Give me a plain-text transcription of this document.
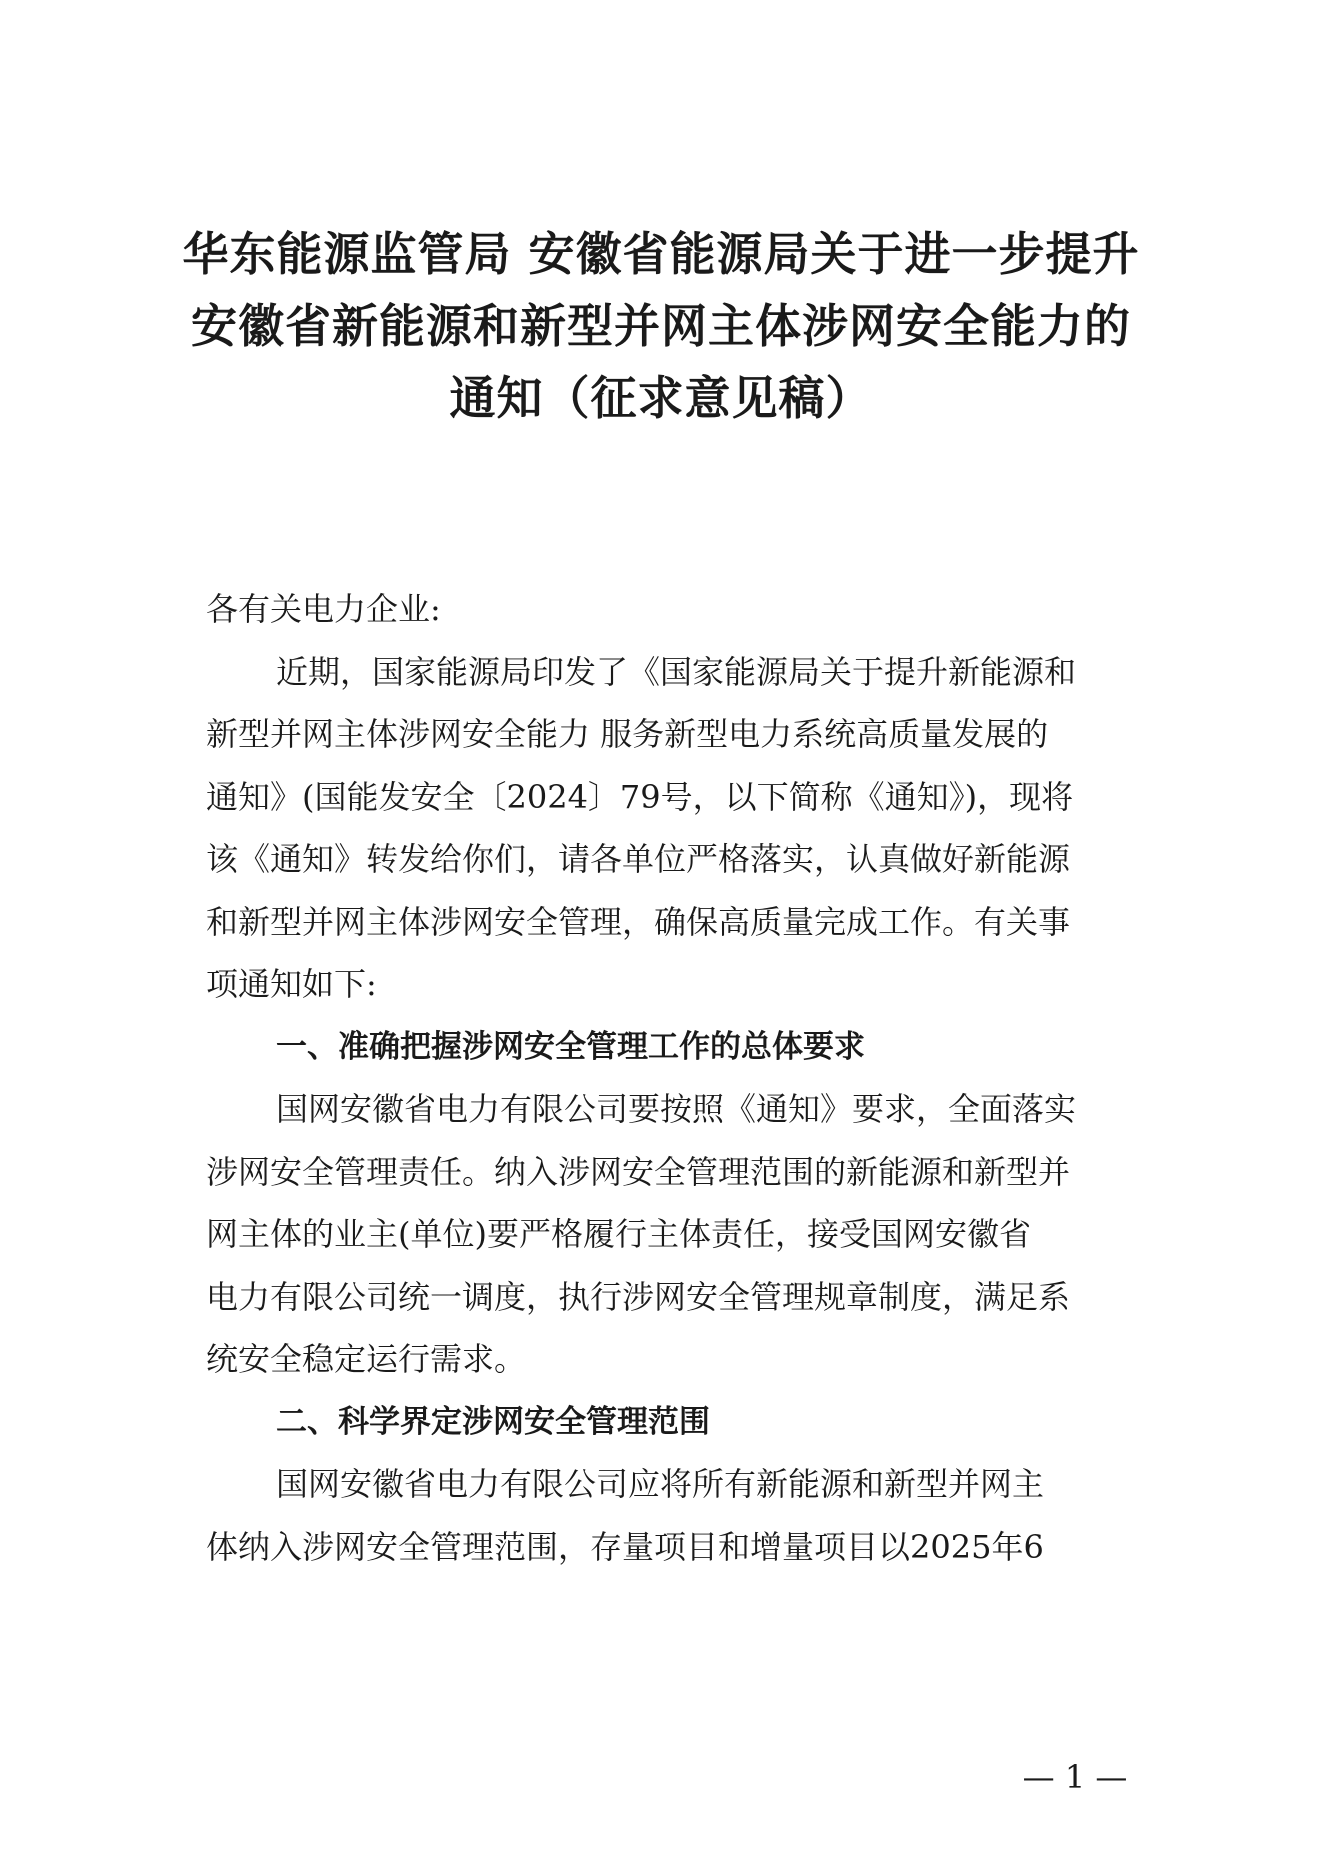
华东能源监管局 安徽省能源局关于进一步提升
安徽省新能源和新型并网主体涉网安全能力的
通知（征求意见稿）
各有关电力企业:
近期，国家能源局印发了《国家能源局关于提升新能源和
新型并网主体涉网安全能力 服务新型电力系统高质量发展的
通知》(国能发安全〔2024〕79号，以下简称《通知》)，现将
该《通知》转发给你们，请各单位严格落实，认真做好新能源
和新型并网主体涉网安全管理，确保高质量完成工作。有关事
项通知如下:
一、准确把握涉网安全管理工作的总体要求
国网安徽省电力有限公司要按照《通知》要求，全面落实
涉网安全管理责任。纳入涉网安全管理范围的新能源和新型并
网主体的业主(单位)要严格履行主体责任，接受国网安徽省
电力有限公司统一调度，执行涉网安全管理规章制度，满足系
统安全稳定运行需求。
二、科学界定涉网安全管理范围
国网安徽省电力有限公司应将所有新能源和新型并网主
体纳入涉网安全管理范围，存量项目和增量项目以2025年6
— 1 —
